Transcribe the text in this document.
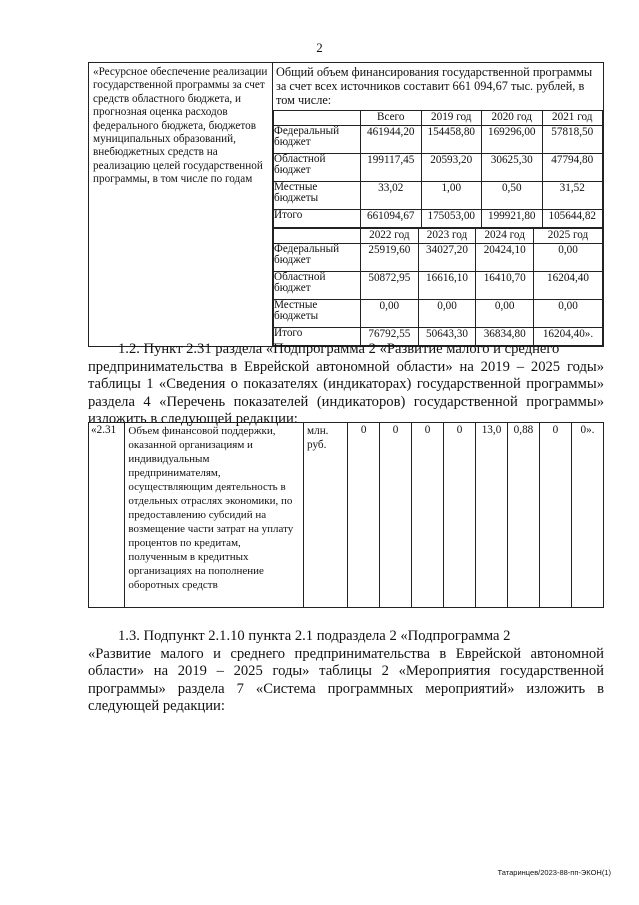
2
«Ресурсное обеспечение реализации государственной программы за счет средств областного бюджета, и прогнозная оценка расходов федерального бюджета, бюджетов муниципальных образований, внебюджетных средств на реализацию целей государственной программы, в том числе по годам	
Общий объем финансирования государственной программы за счет всех источников составит 661 094,67 тыс. рублей, в том числе:
	Всего	2019 год	2020 год	2021 год
Федеральный бюджет	461944,20	154458,80	169296,00	57818,50
Областной бюджет	199117,45	20593,20	30625,30	47794,80
Местные бюджеты	33,02	1,00	0,50	31,52
Итого	661094,67	175053,00	199921,80	105644,82
	2022 год	2023 год	2024 год	2025 год
Федеральный бюджет	25919,60	34027,20	20424,10	0,00
Областной бюджет	50872,95	16616,10	16410,70	16204,40
Местные бюджеты	0,00	0,00	0,00	0,00
Итого	76792,55	50643,30	36834,80	16204,40».
1.2. Пункт 2.31 раздела «Подпрограмма 2 «Развитие малого и среднего
предпринимательства в Еврейской автономной области» на 2019 – 2025 годы» таблицы 1 «Сведения о показателях (индикаторах) государственной программы» раздела 4 «Перечень показателей (индикаторов) государственной программы» изложить в следующей редакции:
«2.31	Объем финансовой поддержки, оказанной организациям и индивидуальным предпринимателям, осуществляющим деятельность в отдельных отраслях экономики, по предоставлению субсидий на возмещение части затрат на уплату процентов по кредитам, полученным в кредитных организациях на пополнение оборотных средств	млн. руб.	0	0	0	0	13,0	0,88	0	0».
1.3. Подпункт 2.1.10 пункта 2.1 подраздела 2 «Подпрограмма 2
«Развитие малого и среднего предпринимательства в Еврейской автономной области» на 2019 – 2025 годы» таблицы 2 «Мероприятия государственной программы» раздела 7 «Система программных мероприятий» изложить в следующей редакции:
Татаринцев/2023-88-пп-ЭКОН(1)
